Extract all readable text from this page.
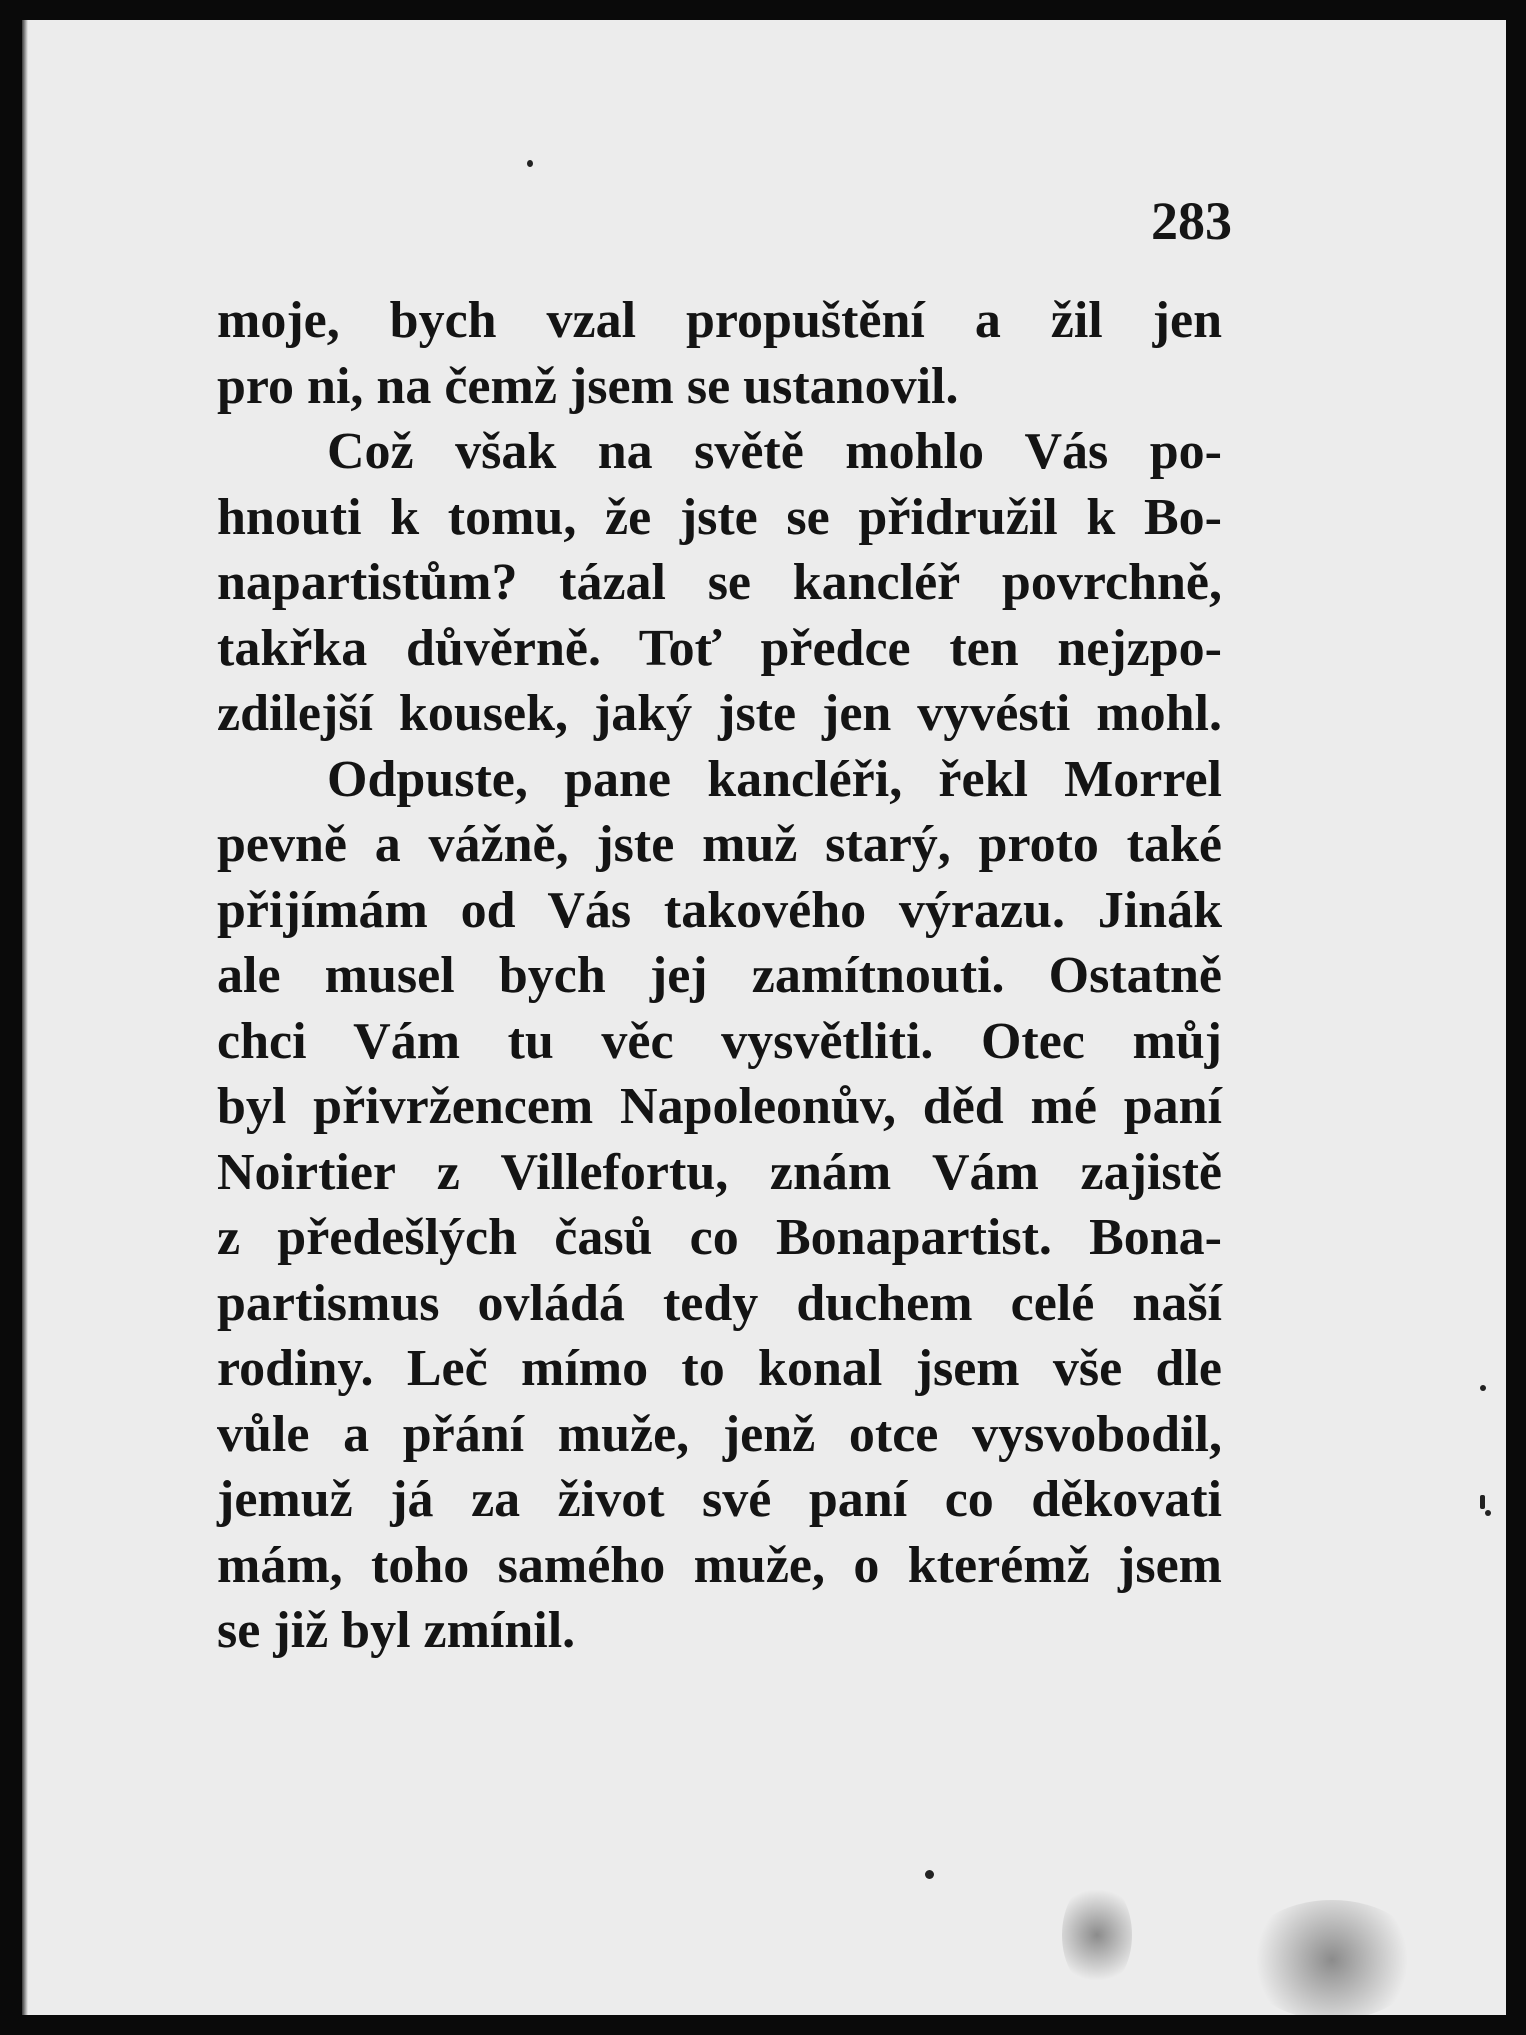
283
moje, bych vzal propuštění a žil jen
pro ni, na čemž jsem se ustanovil.
Což však na světě mohlo Vás po-
hnouti k tomu, že jste se přidružil k Bo-
napartistům? tázal se kancléř povrchně,
takřka důvěrně. Toť předce ten nejzpo-
zdilejší kousek, jaký jste jen vyvésti mohl.
Odpuste, pane kancléři, řekl Morrel
pevně a vážně, jste muž starý, proto také
přijímám od Vás takového výrazu. Jinák
ale musel bych jej zamítnouti. Ostatně
chci Vám tu věc vysvětliti. Otec můj
byl přivržencem Napoleonův, děd mé paní
Noirtier z Villefortu, znám Vám zajistě
z předešlých časů co Bonapartist. Bona-
partismus ovládá tedy duchem celé naší
rodiny. Leč mímo to konal jsem vše dle
vůle a přání muže, jenž otce vysvobodil,
jemuž já za život své paní co děkovati
mám, toho samého muže, o kterémž jsem
se již byl zmínil.
